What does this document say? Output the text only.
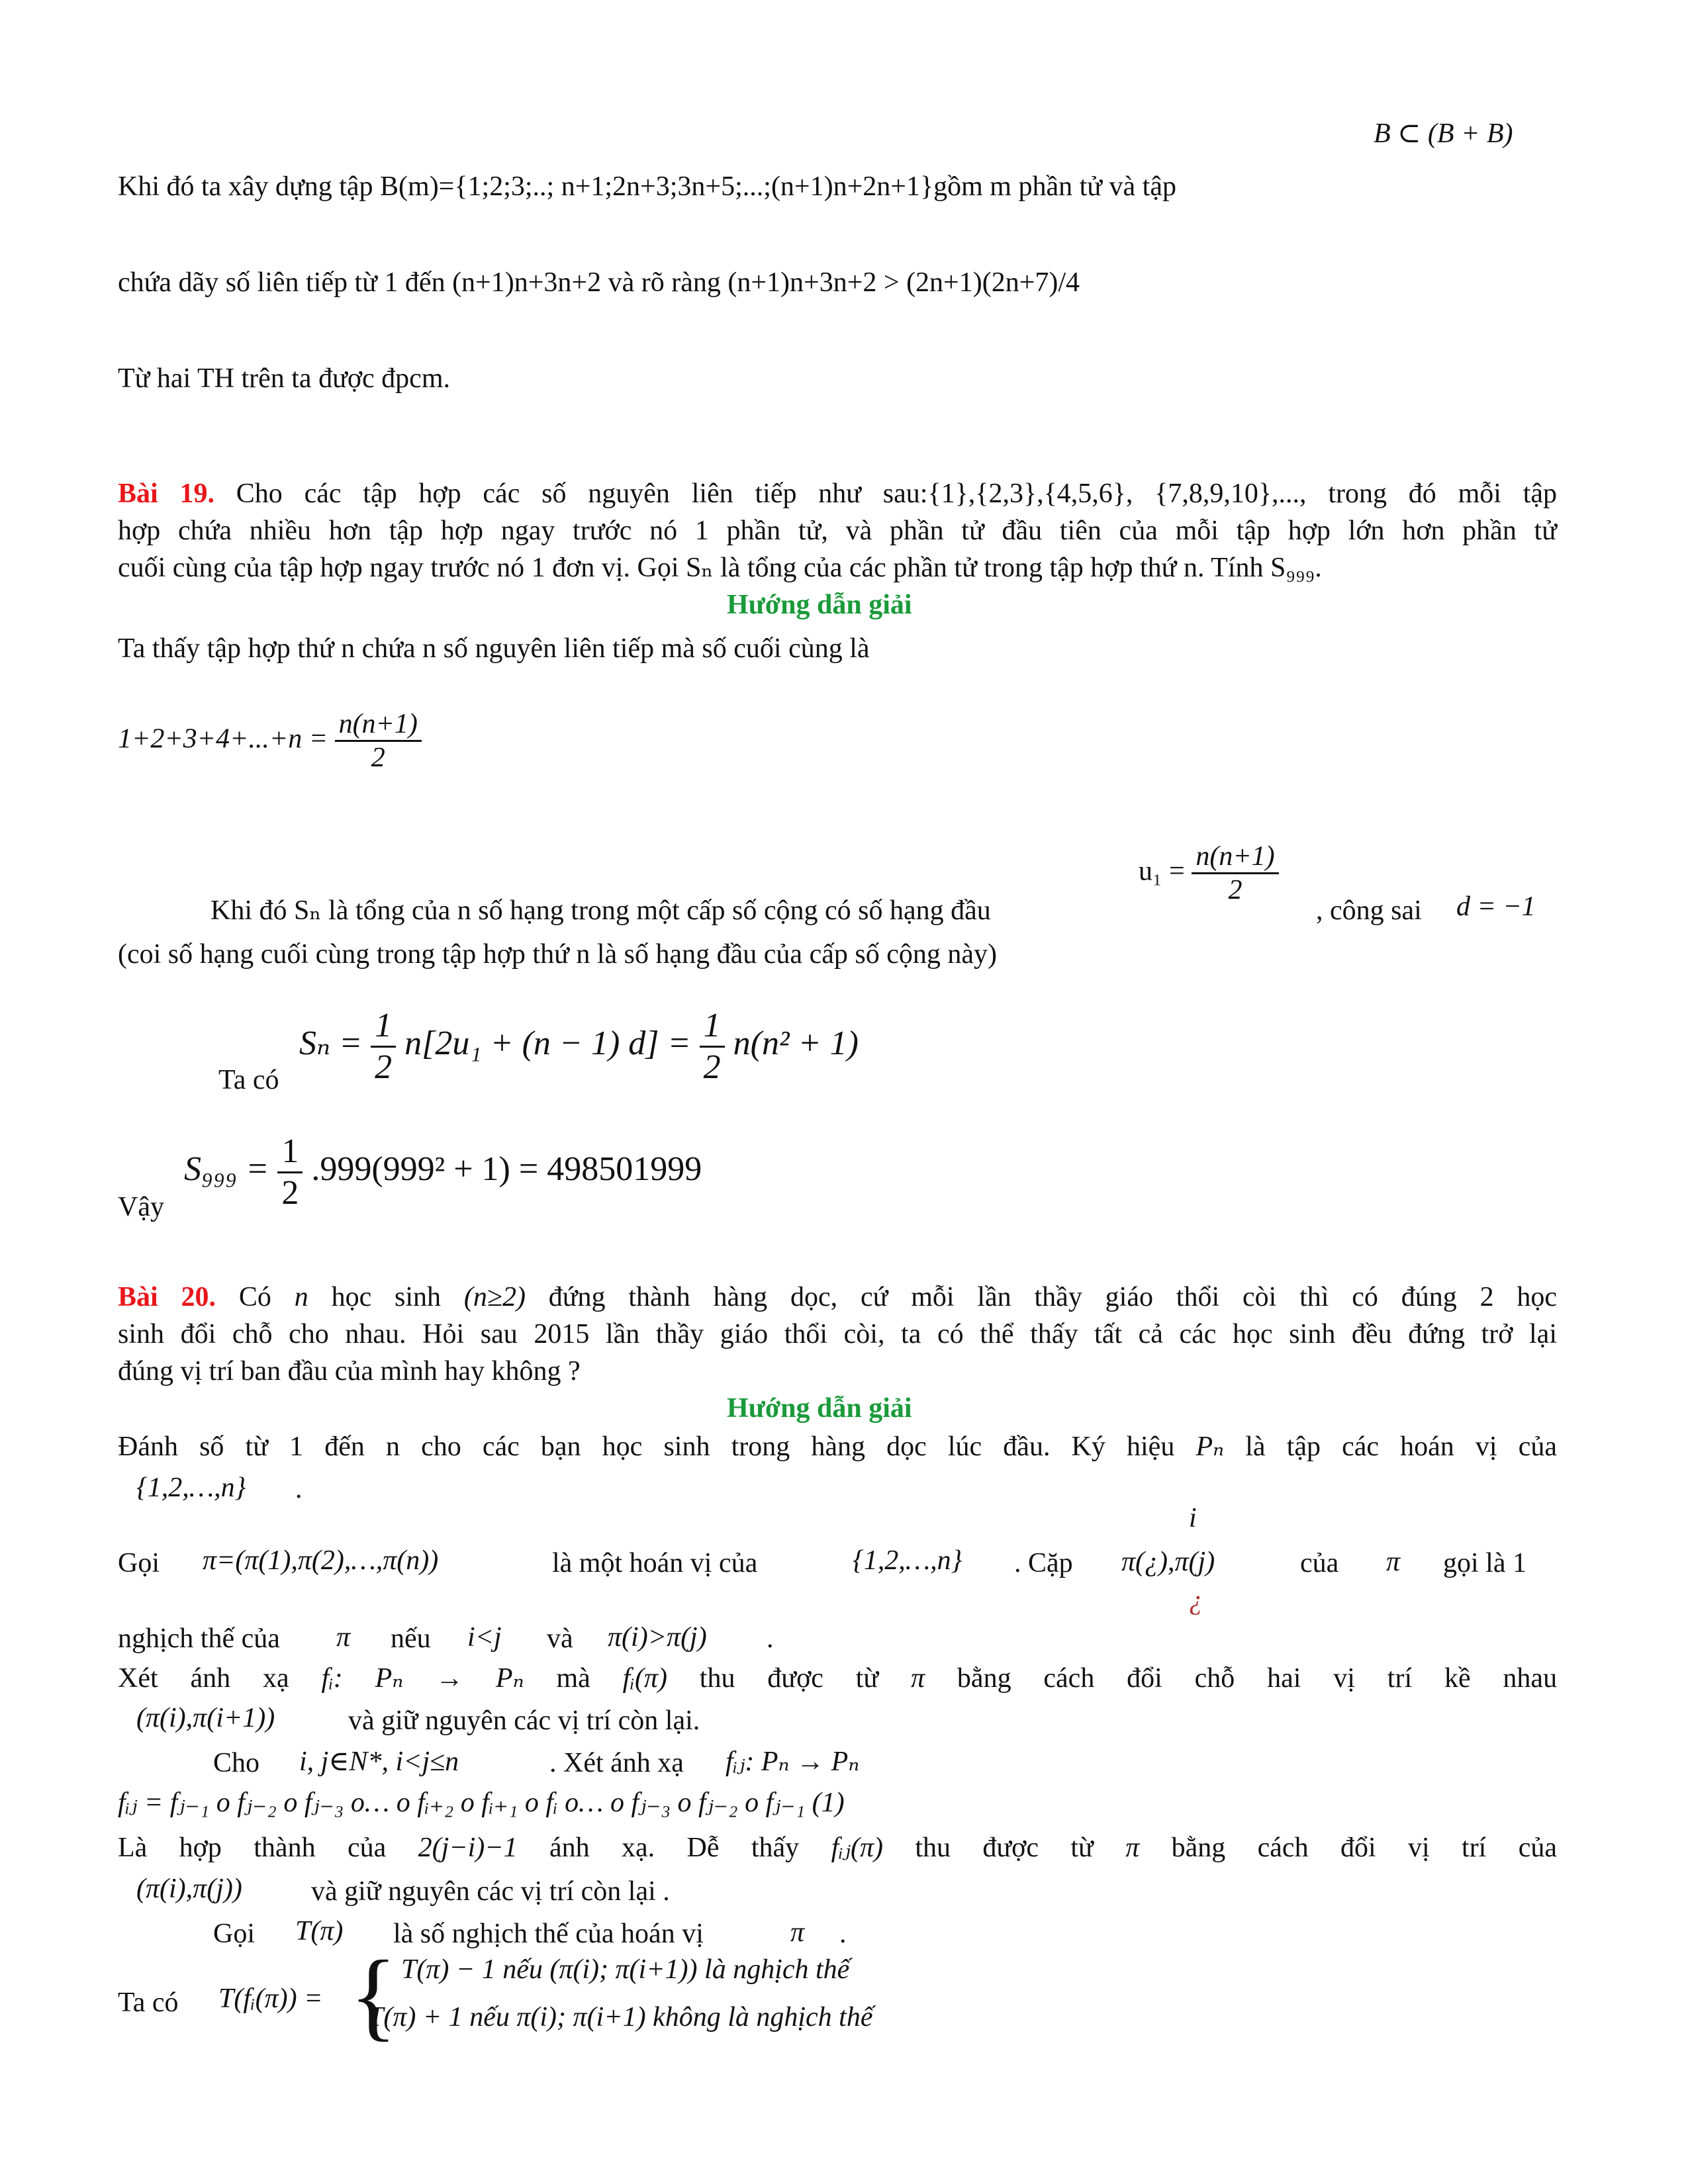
B ⊂ (B + B)
Khi đó ta xây dựng tập B(m)={1;2;3;..; n+1;2n+3;3n+5;...;(n+1)n+2n+1}gồm m phần tử và tập
chứa dãy số liên tiếp từ 1 đến (n+1)n+3n+2 và rõ ràng (n+1)n+3n+2 > (2n+1)(2n+7)/4
Từ hai TH trên ta được đpcm.
Bài 19. Cho các tập hợp các số nguyên liên tiếp như sau:{1},{2,3},{4,5,6}, {7,8,9,10},..., trong đó mỗi tập
hợp chứa nhiều hơn tập hợp ngay trước nó 1 phần tử, và phần tử đầu tiên của mỗi tập hợp lớn hơn phần tử
cuối cùng của tập hợp ngay trước nó 1 đơn vị. Gọi Sₙ là tổng của các phần tử trong tập hợp thứ n. Tính S₉₉₉.
Hướng dẫn giải
Ta thấy tập hợp thứ n chứa n số nguyên liên tiếp mà số cuối cùng là
$1+2+3+4+...+n = \frac{n(n+1)}{2}$
Khi đó Sₙ là tổng của n số hạng trong một cấp số cộng có số hạng đầu
$u_1 = \frac{n(n+1)}{2}$
, công sai d = −1
(coi số hạng cuối cùng trong tập hợp thứ n là số hạng đầu của cấp số cộng này)
Ta có
$S_n = \frac{1}{2}$ n⁡[2u₁ + (n − 1) $d] = \frac{1}{2} n(n^2 + 1)$
Vậy
$S_{999} = \frac{1}{2} .999(999^2 + 1) = 498501999$
Bài 20. Có n học sinh (n≥2) đứng thành hàng dọc, cứ mỗi lần thầy giáo thổi còi thì có đúng 2 học
sinh đổi chỗ cho nhau. Hỏi sau 2015 lần thầy giáo thổi còi, ta có thể thấy tất cả các học sinh đều đứng trở lại
đúng vị trí ban đầu của mình hay không ?
Hướng dẫn giải
Đánh số từ 1 đến n cho các bạn học sinh trong hàng dọc lúc đầu. Ký hiệu Pₙ là tập các hoán vị của
{1,2,…,n} .
Gọi π=(π(1),π(2),…,π(n))	là một hoán vị của	{1,2,…,n} . Cặp
i
π(¿),π(j)
¿
của π gọi là 1
nghịch thế của π nếu i<j và π(i)>π(j) .
Xét ánh xạ fᵢ: Pₙ → Pₙ mà fᵢ(π) thu được từ π bằng cách đổi chỗ hai vị trí kề nhau
(π(i),π(i+1))	và giữ nguyên các vị trí còn lại.
Cho i, j∈N*, i<j≤n	. Xét ánh xạ fᵢⱼ: Pₙ → Pₙ
fᵢⱼ = fⱼ₋₁ o fⱼ₋₂ o fⱼ₋₃ o… o fᵢ₊₂ o fᵢ₊₁ o fᵢ o… o fⱼ₋₃ o fⱼ₋₂ o fⱼ₋₁ (1)
Là hợp thành của 2(j−i)−1 ánh xạ. Dễ thấy fᵢⱼ(π) thu được từ π bằng cách đổi vị trí của
(π(i),π(j)) và giữ nguyên các vị trí còn lại .
Gọi T(π) là số nghịch thế của hoán vị	π .
Ta có T(fᵢ(π)) = { T(π) − 1 nếu (π(i); π(i+1)) là nghịch thế
T(π) + 1 nếu π(i); π(i+1) không là nghịch thế
